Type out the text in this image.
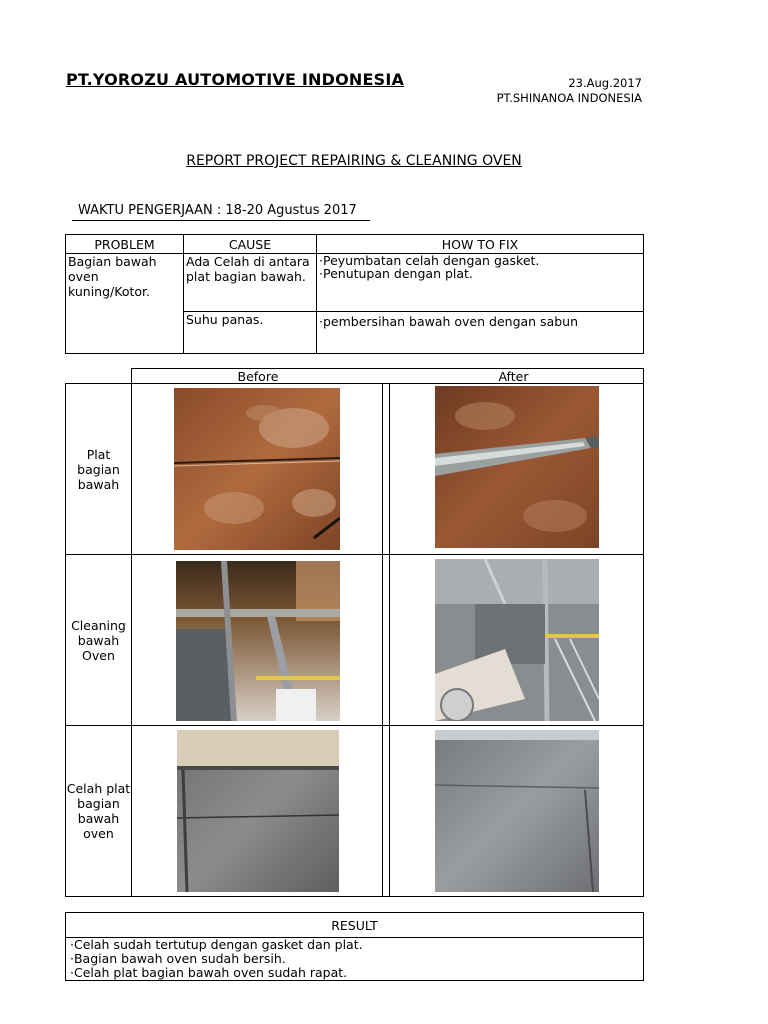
PT.YOROZU AUTOMOTIVE INDONESIA	23.Aug.2017
PT.SHINANOA INDONESIA
REPORT PROJECT REPAIRING & CLEANING OVEN
WAKTU PENGERJAAN : 18-20 Agustus 2017
PROBLEM	CAUSE	HOW TO FIX
Bagian bawah oven kuning/Kotor.	Ada Celah di antara plat bagian bawah.	· Peyumbatan celah dengan gasket.
· Penutupan dengan plat.

	Suhu panas.	· pembersihan bawah oven dengan sabun

	Before After		

Plat bagian bawah	

Cleaning bawah Oven	

Celah plat bagian bawah oven	

RESULT

· Celah sudah tertutup dengan gasket dan plat.
· Bagian bawah oven sudah bersih.
· Celah plat bagian bawah oven sudah rapat.
